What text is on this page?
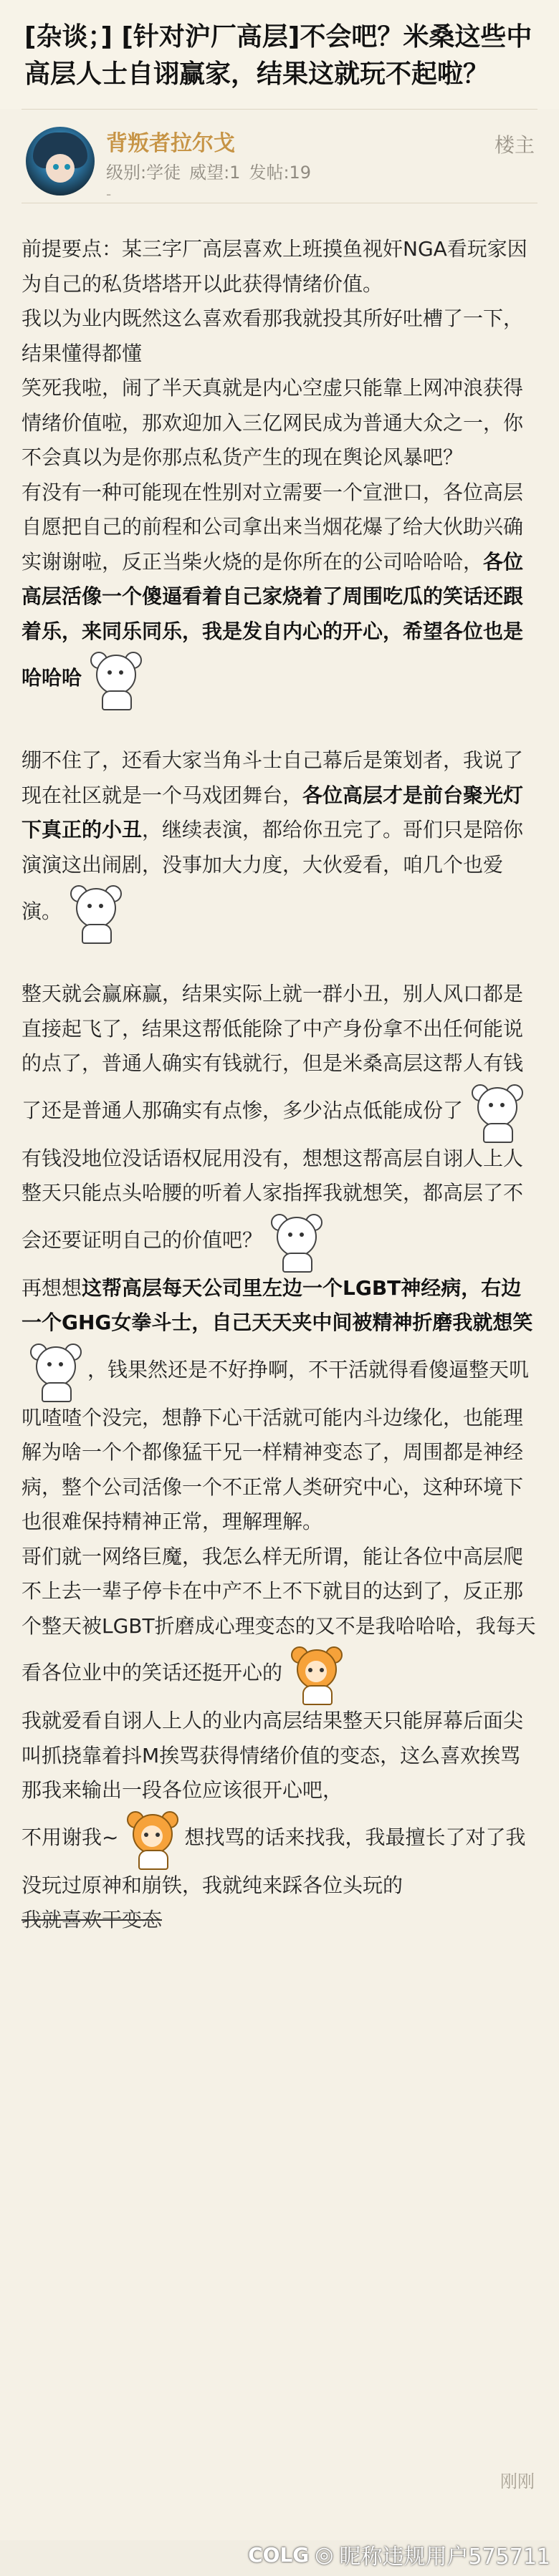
[杂谈；] [针对沪厂高层]不会吧？米桑这些中高层人士自诩赢家，结果这就玩不起啦？
背叛者拉尔戈
级别:学徒 威望:1 发帖:19
-
楼主

前提要点：某三字厂高层喜欢上班摸鱼视奸NGA看玩家因为自己的私货塔塔开以此获得情绪价值。

我以为业内既然这么喜欢看那我就投其所好吐槽了一下，结果懂得都懂

笑死我啦，闹了半天真就是内心空虚只能靠上网冲浪获得情绪价值啦，那欢迎加入三亿网民成为普通大众之一，你不会真以为是你那点私货产生的现在舆论风暴吧？

有没有一种可能现在性别对立需要一个宣泄口，各位高层自愿把自己的前程和公司拿出来当烟花爆了给大伙助兴确实谢谢啦，反正当柴火烧的是你所在的公司哈哈哈，各位高层活像一个傻逼看着自己家烧着了周围吃瓜的笑话还跟着乐，来同乐同乐，我是发自内心的开心，希望各位也是哈哈哈

绷不住了，还看大家当角斗士自己幕后是策划者，我说了现在社区就是一个马戏团舞台，各位高层才是前台聚光灯下真正的小丑，继续表演，都给你丑完了。哥们只是陪你演演这出闹剧，没事加大力度，大伙爱看，咱几个也爱演。

整天就会赢麻赢，结果实际上就一群小丑，别人风口都是直接起飞了，结果这帮低能除了中产身份拿不出任何能说的点了，普通人确实有钱就行，但是米桑高层这帮人有钱了还是普通人那确实有点惨，多少沾点低能成份了

有钱没地位没话语权屁用没有，想想这帮高层自诩人上人整天只能点头哈腰的听着人家指挥我就想笑，都高层了不会还要证明自己的价值吧？

再想想这帮高层每天公司里左边一个LGBT神经病，右边一个GHG女拳斗士，自己天天夹中间被精神折磨我就想笑
，钱果然还是不好挣啊，不干活就得看傻逼整天叽叽喳喳个没完，想静下心干活就可能内斗边缘化，也能理解为啥一个个都像猛干兄一样精神变态了，周围都是神经病，整个公司活像一个不正常人类研究中心，这种环境下也很难保持精神正常，理解理解。

哥们就一网络巨魔，我怎么样无所谓，能让各位中高层爬不上去一辈子停卡在中产不上不下就目的达到了，反正那个整天被LGBT折磨成心理变态的又不是我哈哈哈，我每天看各位业中的笑话还挺开心的

我就爱看自诩人上人的业内高层结果整天只能屏幕后面尖叫抓挠靠着抖M挨骂获得情绪价值的变态，这么喜欢挨骂那我来输出一段各位应该很开心吧，

不用谢我~	想找骂的话来找我，我最擅长了对了我没玩过原神和崩铁，我就纯来踩各位头玩的

我就喜欢干变态

刚刚
COLG ◎ 昵称违规用户575711
